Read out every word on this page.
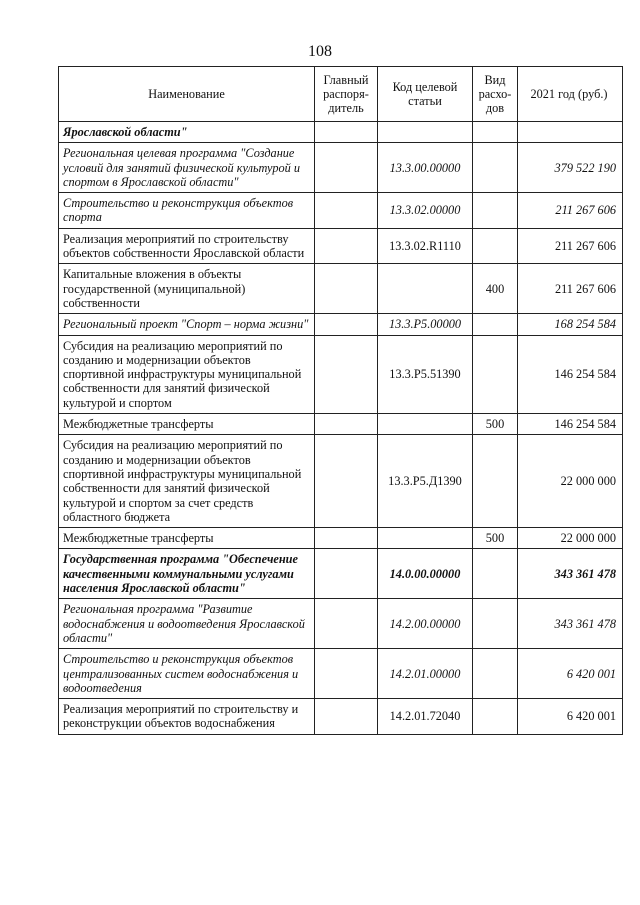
108
Наименование	Главный распоря-дитель	Код целевой статьи	Вид расхо-дов	2021 год (руб.)
Ярославской области"				
Региональная целевая программа "Создание условий для занятий физической культурой и спортом в Ярославской области"		13.3.00.00000		379 522 190
Строительство и реконструкция объектов спорта		13.3.02.00000		211 267 606
Реализация мероприятий по строительству объектов собственности Ярославской области		13.3.02.R1110		211 267 606
Капитальные вложения в объекты государственной (муниципальной) собственности			400	211 267 606
Региональный проект "Спорт – норма жизни"		13.3.P5.00000		168 254 584
Субсидия на реализацию мероприятий по созданию и модернизации объектов спортивной инфраструктуры муниципальной собственности для занятий физической культурой и спортом		13.3.P5.51390		146 254 584
Межбюджетные трансферты			500	146 254 584
Субсидия на реализацию мероприятий по созданию и модернизации объектов спортивной инфраструктуры муниципальной собственности для занятий физической культурой и спортом за счет средств областного бюджета		13.3.P5.Д1390		22 000 000
Межбюджетные трансферты			500	22 000 000
Государственная программа "Обеспечение качественными коммунальными услугами населения Ярославской области"		14.0.00.00000		343 361 478
Региональная программа "Развитие водоснабжения и водоотведения Ярославской области"		14.2.00.00000		343 361 478
Строительство и реконструкция объектов централизованных систем водоснабжения и водоотведения		14.2.01.00000		6 420 001
Реализация мероприятий по строительству и реконструкции объектов водоснабжения		14.2.01.72040		6 420 001
